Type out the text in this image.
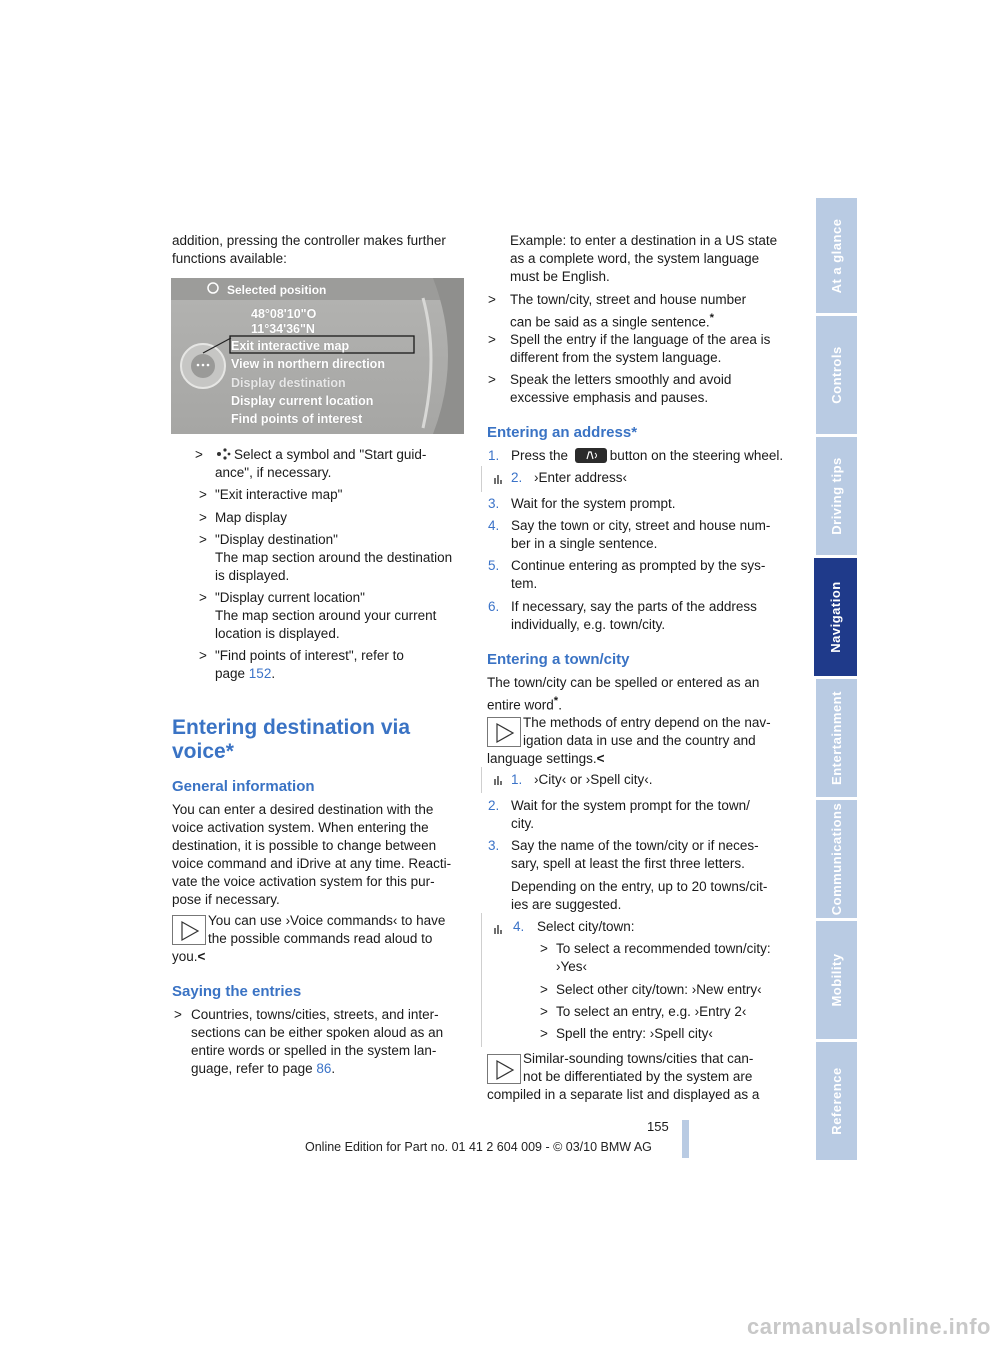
At a glance
Controls
Driving tips
Navigation
Entertainment
Communications
Mobility
Reference
addition, pressing the controller makes further
functions available:
Selected position
48°08'10"O
11°34'36"N
Exit interactive map
View in northern direction
Display destination
Display current location
Find points of interest
>	Select a symbol and "Start guid-
ance", if necessary.
> "Exit interactive map"
> Map display
> "Display destination"
The map section around the destination
is displayed.
> "Display current location"
The map section around your current
location is displayed.
> "Find points of interest", refer to
page 152.
Entering destination via
voice*
General information
You can enter a desired destination with the
voice activation system. When entering the
destination, it is possible to change between
voice command and iDrive at any time. Reacti-
vate the voice activation system for this pur-
pose if necessary.
You can use ›Voice commands‹ to have
the possible commands read aloud to
you.<
Saying the entries
> Countries, towns/cities, streets, and inter-
sections can be either spoken aloud as an
entire words or spelled in the system lan-
guage, refer to page 86.
Example: to enter a destination in a US state
as a complete word, the system language
must be English.
> The town/city, street and house number
can be said as a single sentence.*
> Spell the entry if the language of the area is
different from the system language.
> Speak the letters smoothly and avoid
excessive emphasis and pauses.
Entering an address*
1. Press the	button on the steering wheel.
2. ›Enter address‹
3. Wait for the system prompt.
4. Say the town or city, street and house num-
ber in a single sentence.
5. Continue entering as prompted by the sys-
tem.
6. If necessary, say the parts of the address
individually, e.g. town/city.
Entering a town/city
The town/city can be spelled or entered as an
entire word*.
The methods of entry depend on the nav-
igation data in use and the country and
language settings.<
1. ›City‹ or ›Spell city‹.
2. Wait for the system prompt for the town/
city.
3. Say the name of the town/city or if neces-
sary, spell at least the first three letters.
Depending on the entry, up to 20 towns/cit-
ies are suggested.
4. Select city/town:
> To select a recommended town/city:
›Yes‹
> Select other city/town: ›New entry‹
> To select an entry, e.g. ›Entry 2‹
> Spell the entry: ›Spell city‹
Similar-sounding towns/cities that can-
not be differentiated by the system are
compiled in a separate list and displayed as a
155
Online Edition for Part no. 01 41 2 604 009 - © 03/10 BMW AG
carmanualsonline.info
